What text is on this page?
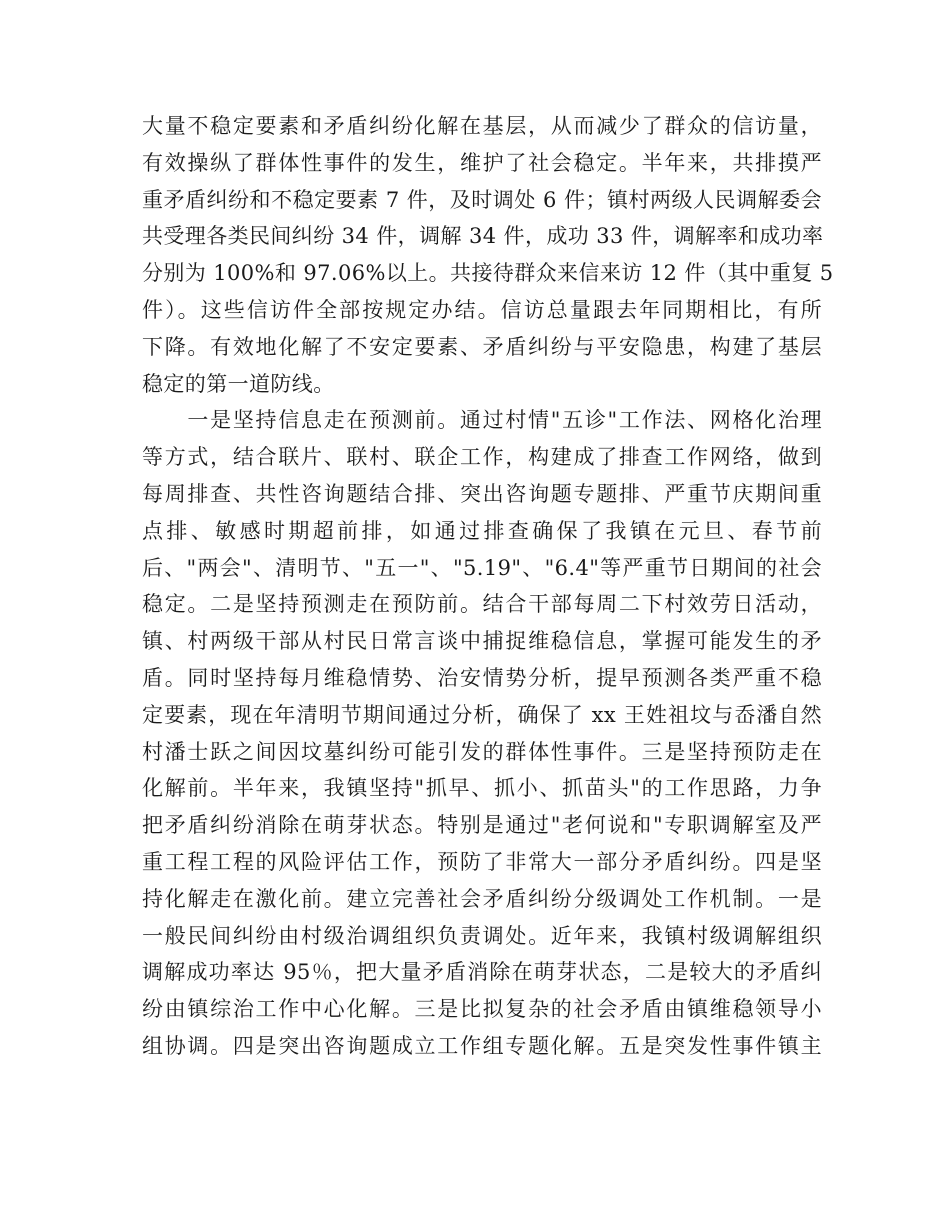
大量不稳定要素和矛盾纠纷化解在基层，从而减少了群众的信访量，
有效操纵了群体性事件的发生，维护了社会稳定。半年来，共排摸严
重矛盾纠纷和不稳定要素 7 件，及时调处 6 件；镇村两级人民调解委会
共受理各类民间纠纷 34 件，调解 34 件，成功 33 件，调解率和成功率
分别为 100%和 97.06%以上。共接待群众来信来访 12 件（其中重复 5
件）。这些信访件全部按规定办结。信访总量跟去年同期相比，有所
下降。有效地化解了不安定要素、矛盾纠纷与平安隐患，构建了基层
稳定的第一道防线。
　　一是坚持信息走在预测前。通过村情"五诊"工作法、网格化治理
等方式，结合联片、联村、联企工作，构建成了排查工作网络，做到
每周排查、共性咨询题结合排、突出咨询题专题排、严重节庆期间重
点排、敏感时期超前排，如通过排查确保了我镇在元旦、春节前
后、"两会"、清明节、"五一"、"5.19"、"6.4"等严重节日期间的社会
稳定。二是坚持预测走在预防前。结合干部每周二下村效劳日活动，
镇、村两级干部从村民日常言谈中捕捉维稳信息，掌握可能发生的矛
盾。同时坚持每月维稳情势、治安情势分析，提早预测各类严重不稳
定要素，现在年清明节期间通过分析，确保了 xx 王姓祖坟与岙潘自然
村潘士跃之间因坟墓纠纷可能引发的群体性事件。三是坚持预防走在
化解前。半年来，我镇坚持"抓早、抓小、抓苗头"的工作思路，力争
把矛盾纠纷消除在萌芽状态。特别是通过"老何说和"专职调解室及严
重工程工程的风险评估工作，预防了非常大一部分矛盾纠纷。四是坚
持化解走在激化前。建立完善社会矛盾纠纷分级调处工作机制。一是
一般民间纠纷由村级治调组织负责调处。近年来，我镇村级调解组织
调解成功率达 95％，把大量矛盾消除在萌芽状态，二是较大的矛盾纠
纷由镇综治工作中心化解。三是比拟复杂的社会矛盾由镇维稳领导小
组协调。四是突出咨询题成立工作组专题化解。五是突发性事件镇主
